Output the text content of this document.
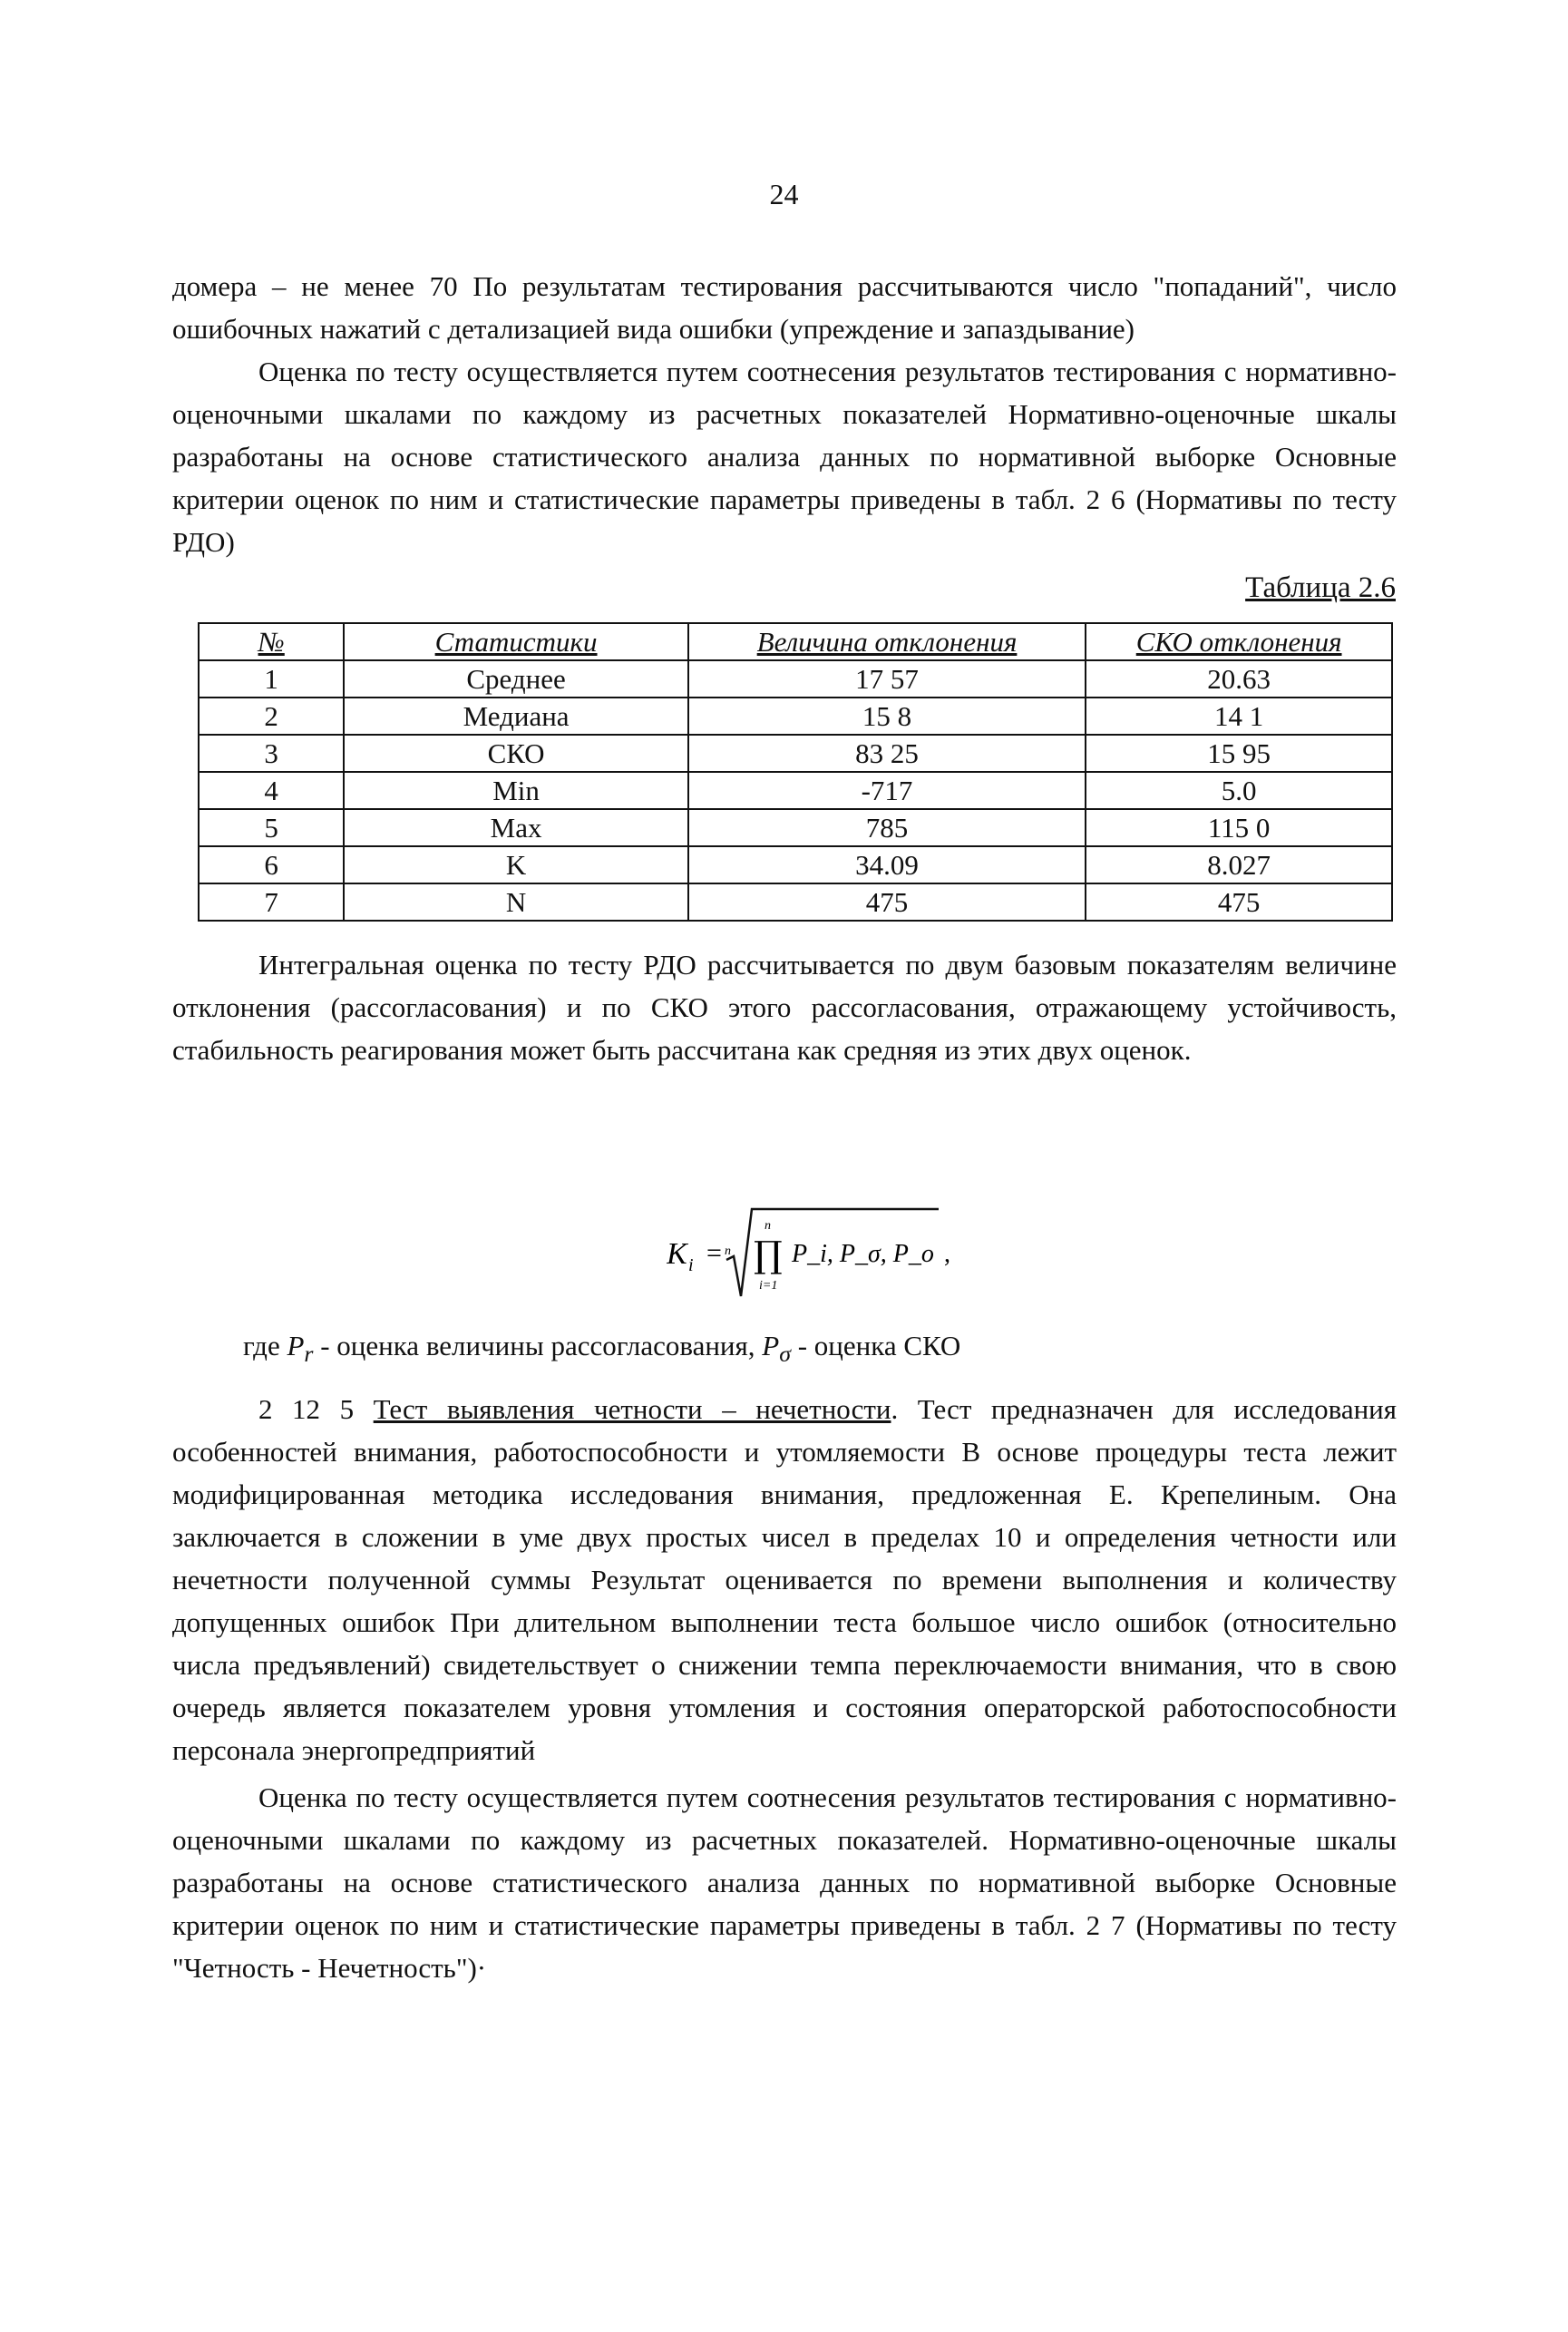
24

домера – не менее 70 По результатам тестирования рассчитываются число "попаданий", число ошибочных нажатий с детализацией вида ошибки (упреждение и запаздывание)

Оценка по тесту осуществляется путем соотнесения результатов тестирования с нормативно-оценочными шкалами по каждому из расчетных показателей Нормативно-оценочные шкалы разработаны на основе статистического анализа данных по нормативной выборке Основные критерии оценок по ним и статистические параметры приведены в табл. 2 6 (Нормативы по тесту РДО)

Таблица 2.6
№	Статистики	Величина отклонения	СКО отклонения
1	Среднее	17 57	20.63
2	Медиана	15 8	14 1
3	СКО	83 25	15 95
4	Min	-717	5.0
5	Max	785	115 0
6	K	34.09	8.027
7	N	475	475
Интегральная оценка по тесту РДО рассчитывается по двум базовым показателям величине отклонения (рассогласования) и по СКО этого рассогласования, отражающему устойчивость, стабильность реагирования может быть рассчитана как средняя из этих двух оценок.
K i = n
n
∏
i=1
P_i, P_σ, P_o ,
где $P_r$ - оценка величины рассогласования, $P_\sigma$ - оценка СКО
2 12 5 Тест выявления четности – нечетности. Тест предназначен для исследования особенностей внимания, работоспособности и утомляемости В основе процедуры теста лежит модифицированная методика исследования внимания, предложенная Е. Крепелиным. Она заключается в сложении в уме двух простых чисел в пределах 10 и определения четности или нечетности полученной суммы Результат оценивается по времени выполнения и количеству допущенных ошибок При длительном выполнении теста большое число ошибок (относительно числа предъявлений) свидетельствует о снижении темпа переключаемости внимания, что в свою очередь является показателем уровня утомления и состояния операторской работоспособности персонала энергопредприятий
Оценка по тесту осуществляется путем соотнесения результатов тестирования с нормативно-оценочными шкалами по каждому из расчетных показателей. Нормативно-оценочные шкалы разработаны на основе статистического анализа данных по нормативной выборке Основные критерии оценок по ним и статистические параметры приведены в табл. 2 7 (Нормативы по тесту "Четность - Нечетность")·
